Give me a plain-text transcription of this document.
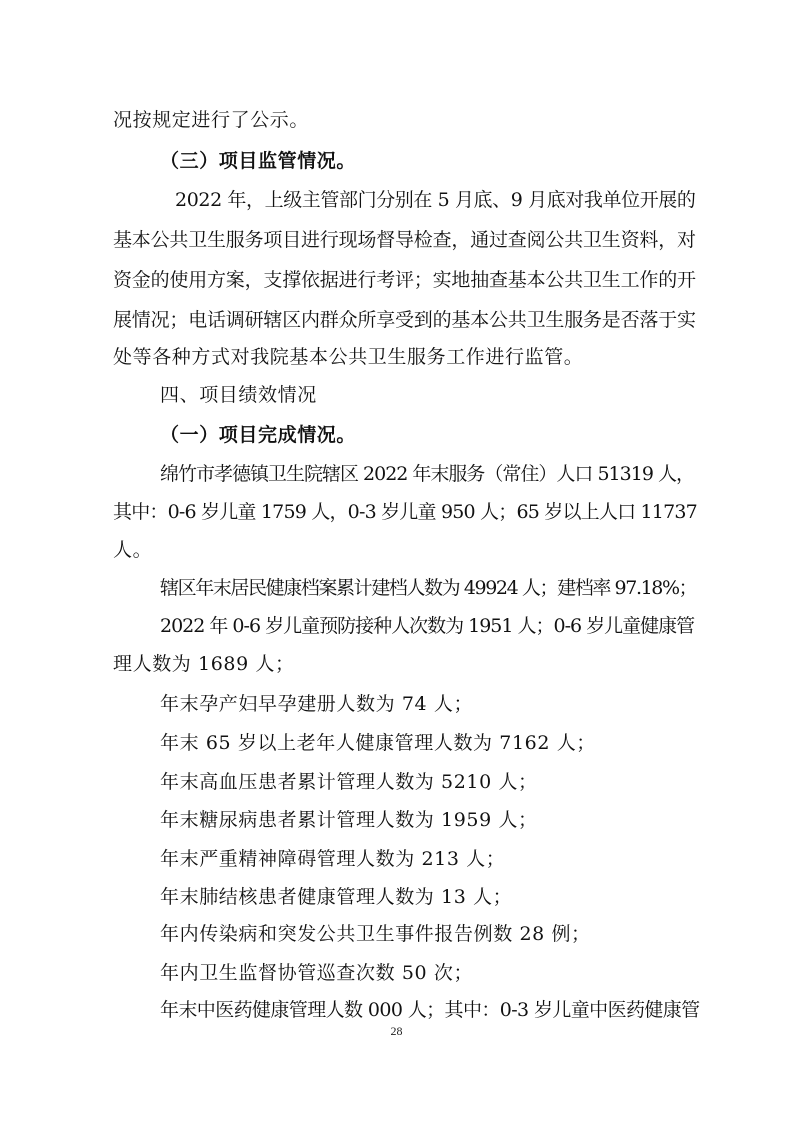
况按规定进行了公示。
（三）项目监管情况。
2022 年，上级主管部门分别在 5 月底、9 月底对我单位开展的
基本公共卫生服务项目进行现场督导检查，通过查阅公共卫生资料，对
资金的使用方案，支撑依据进行考评；实地抽查基本公共卫生工作的开
展情况；电话调研辖区内群众所享受到的基本公共卫生服务是否落于实
处等各种方式对我院基本公共卫生服务工作进行监管。
四、项目绩效情况
（一）项目完成情况。
绵竹市孝德镇卫生院辖区 2022 年末服务（常住）人口 51319 人，
其中：0-6 岁儿童 1759 人，0-3 岁儿童 950 人；65 岁以上人口 11737
人。
辖区年末居民健康档案累计建档人数为 49924 人；建档率 97.18%；
2022 年 0-6 岁儿童预防接种人次数为 1951 人；0-6 岁儿童健康管
理人数为 1689 人；
年末孕产妇早孕建册人数为 74 人；
年末 65 岁以上老年人健康管理人数为 7162 人；
年末高血压患者累计管理人数为 5210 人；
年末糖尿病患者累计管理人数为 1959 人；
年末严重精神障碍管理人数为 213 人；
年末肺结核患者健康管理人数为 13 人；
年内传染病和突发公共卫生事件报告例数 28 例；
年内卫生监督协管巡查次数 50 次；
年末中医药健康管理人数 000 人；其中：0-3 岁儿童中医药健康管
28
